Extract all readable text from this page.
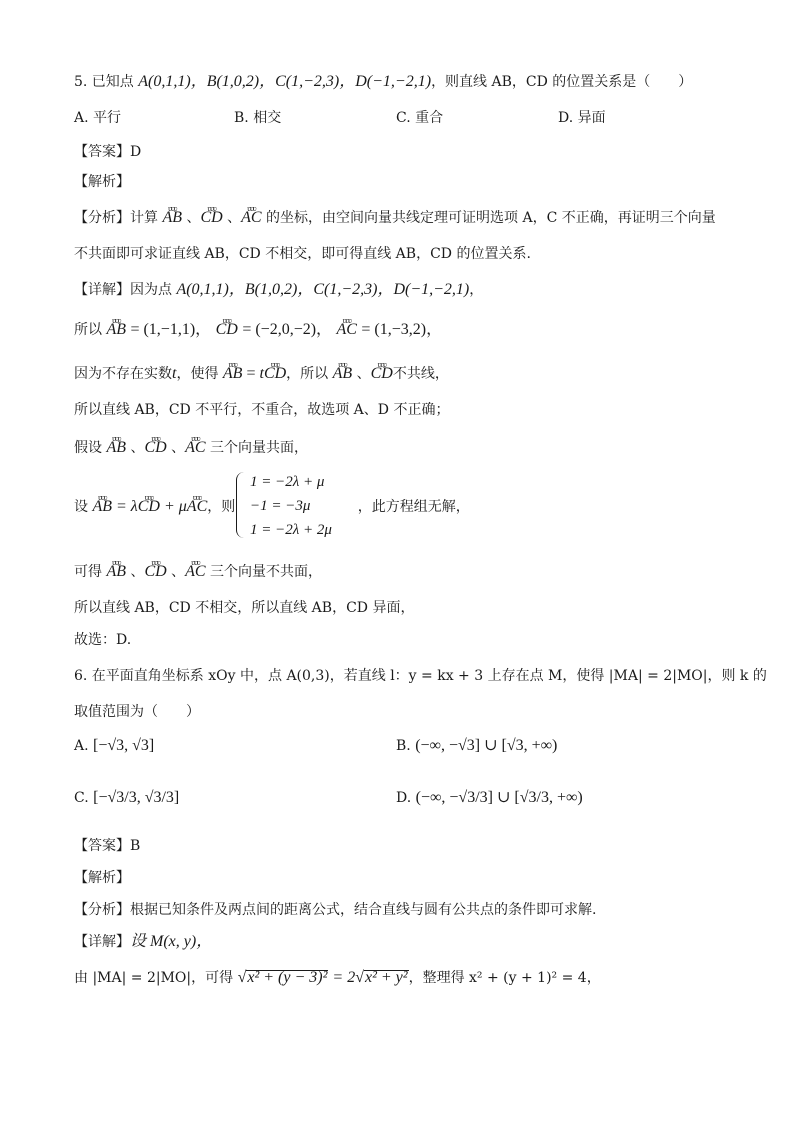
5. 已知点 A(0,1,1)，B(1,0,2)，C(1,−2,3)，D(−1,−2,1)，则直线 AB，CD 的位置关系是（　　）
A. 平行	B. 相交	C. 重合	D. 异面
【答案】D
【解析】
【分析】计算 ʋʋʋ AB 、ʋʋʋ CD 、ʋʋʋ AC 的坐标，由空间向量共线定理可证明选项 A，C 不正确，再证明三个向量
不共面即可求证直线 AB，CD 不相交，即可得直线 AB，CD 的位置关系.
【详解】因为点 A(0,1,1)，B(1,0,2)，C(1,−2,3)，D(−1,−2,1)，
所以 ʋʋʋ AB = (1,−1,1)， ʋʋʋ CD = (−2,0,−2)， ʋʋʋ AC = (1,−3,2)，
因为不存在实数t，使得 ʋʋʋ AB = tʋʋʋ CD，所以 ʋʋʋ AB 、ʋʋʋ CD不共线，
所以直线 AB，CD 不平行，不重合，故选项 A、D 不正确；
假设 ʋʋʋ AB 、ʋʋʋ CD 、ʋʋʋ AC 三个向量共面，
设 ʋʋʋ AB = λʋʋʋ CD + μʋʋʋ AC，则	，此方程组无解，
1 = −2λ + μ
−1 = −3μ
1 = −2λ + 2μ
可得 ʋʋʋ AB 、ʋʋʋ CD 、ʋʋʋ AC 三个向量不共面，
所以直线 AB，CD 不相交，所以直线 AB，CD 异面，
故选：D.
6. 在平面直角坐标系 xOy 中，点 A(0,3)，若直线 l：y = kx + 3 上存在点 M，使得 |MA| = 2|MO|，则 k 的
取值范围为（　　）
A. [−√3, √3]	B. (−∞, −√3] ∪ [√3, +∞)
C. [−√3/3, √3/3]	D. (−∞, −√3/3] ∪ [√3/3, +∞)
【答案】B
【解析】
【分析】根据已知条件及两点间的距离公式，结合直线与圆有公共点的条件即可求解.
【详解】设 M(x, y)，
由 |MA| = 2|MO|，可得 √x² + (y − 3)² = 2√x² + y²，整理得 x² + (y + 1)² = 4，
